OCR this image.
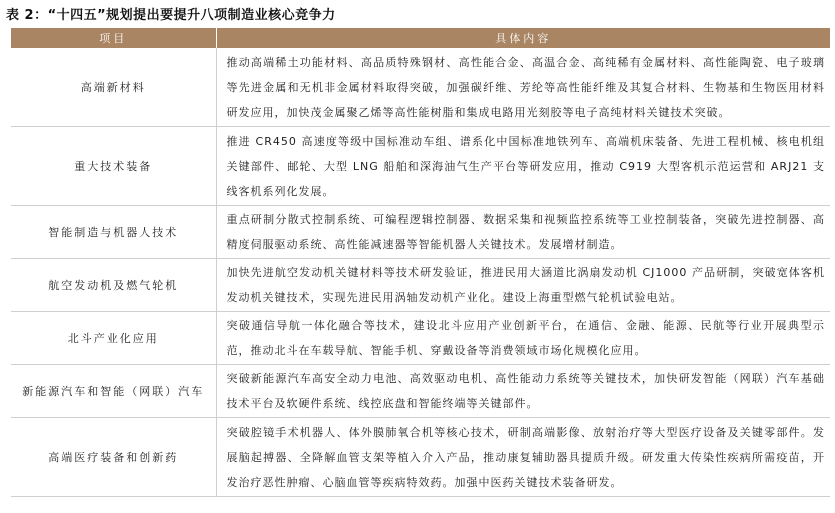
表 2：“十四五”规划提出要提升八项制造业核心竞争力
项目	具体内容
高端新材料	推动高端稀土功能材料、高品质特殊钢材、高性能合金、高温合金、高纯稀有金属材料、高性能陶瓷、电子玻璃等先进金属和无机非金属材料取得突破，加强碳纤维、芳纶等高性能纤维及其复合材料、生物基和生物医用材料研发应用，加快茂金属聚乙烯等高性能树脂和集成电路用光刻胶等电子高纯材料关键技术突破。
重大技术装备	推进 CR450 高速度等级中国标准动车组、谱系化中国标准地铁列车、高端机床装备、先进工程机械、核电机组关键部件、邮轮、大型 LNG 船舶和深海油气生产平台等研发应用，推动 C919 大型客机示范运营和 ARJ21 支线客机系列化发展。
智能制造与机器人技术	重点研制分散式控制系统、可编程逻辑控制器、数据采集和视频监控系统等工业控制装备，突破先进控制器、高精度伺服驱动系统、高性能减速器等智能机器人关键技术。发展增材制造。
航空发动机及燃气轮机	加快先进航空发动机关键材料等技术研发验证，推进民用大涵道比涡扇发动机 CJ1000 产品研制，突破宽体客机发动机关键技术，实现先进民用涡轴发动机产业化。建设上海重型燃气轮机试验电站。
北斗产业化应用	突破通信导航一体化融合等技术，建设北斗应用产业创新平台，在通信、金融、能源、民航等行业开展典型示范，推动北斗在车载导航、智能手机、穿戴设备等消费领域市场化规模化应用。
新能源汽车和智能（网联）汽车	突破新能源汽车高安全动力电池、高效驱动电机、高性能动力系统等关键技术，加快研发智能（网联）汽车基础技术平台及软硬件系统、线控底盘和智能终端等关键部件。
高端医疗装备和创新药	突破腔镜手术机器人、体外膜肺氧合机等核心技术，研制高端影像、放射治疗等大型医疗设备及关键零部件。发展脑起搏器、全降解血管支架等植入介入产品，推动康复辅助器具提质升级。研发重大传染性疾病所需疫苗，开发治疗恶性肿瘤、心脑血管等疾病特效药。加强中医药关键技术装备研发。
